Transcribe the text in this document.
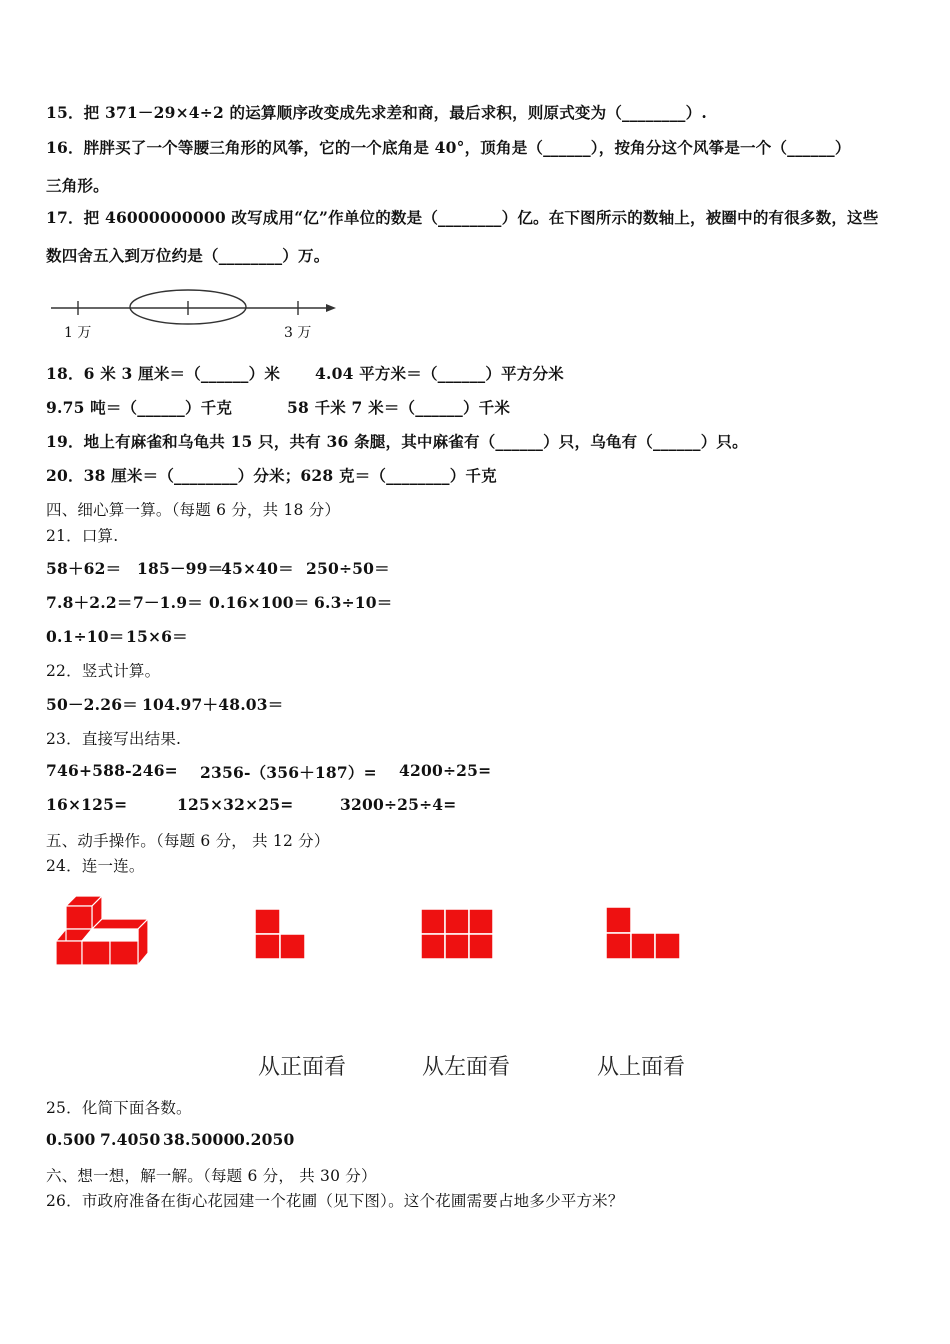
15．把 371－29×4÷2 的运算顺序改变成先求差和商，最后求积，则原式变为（________）.
16．胖胖买了一个等腰三角形的风筝，它的一个底角是 40°，顶角是（______），按角分这个风筝是一个（______）
三角形。
17．把 46000000000 改写成用“亿”作单位的数是（________）亿。在下图所示的数轴上，被圈中的有很多数，这些
数四舍五入到万位约是（________）万。
1 万	3 万
18．6 米 3 厘米＝（______）米 4.04 平方米＝（______）平方分米
9.75 吨＝（______）千克	58 千米 7 米＝（______）千米
19．地上有麻雀和乌龟共 15 只，共有 36 条腿，其中麻雀有（______）只，乌龟有（______）只。
20．38 厘米＝（________）分米；628 克＝（________）千克
四、细心算一算。（每题 6 分，共 18 分）
21．口算.
58＋62＝ 185－99＝
45×40＝ 250÷50＝
7.8＋2.2＝ 7－1.9＝ 0.16×100＝ 6.3÷10＝
0.1÷10＝ 15×6＝
22．竖式计算。
50－2.26＝ 104.97＋48.03＝
23．直接写出结果.
746+588-246= 2356-（356＋187）= 4200÷25=
16×125=	125×32×25=	3200÷25÷4=
五、动手操作。（每题 6 分， 共 12 分）
24．连一连。
从正面看	从左面看	从上面看
25．化简下面各数。
0.500 7.4050 38.5000 0.2050
六、想一想，解一解。（每题 6 分， 共 30 分）
26．市政府准备在街心花园建一个花圃（见下图）。这个花圃需要占地多少平方米？
